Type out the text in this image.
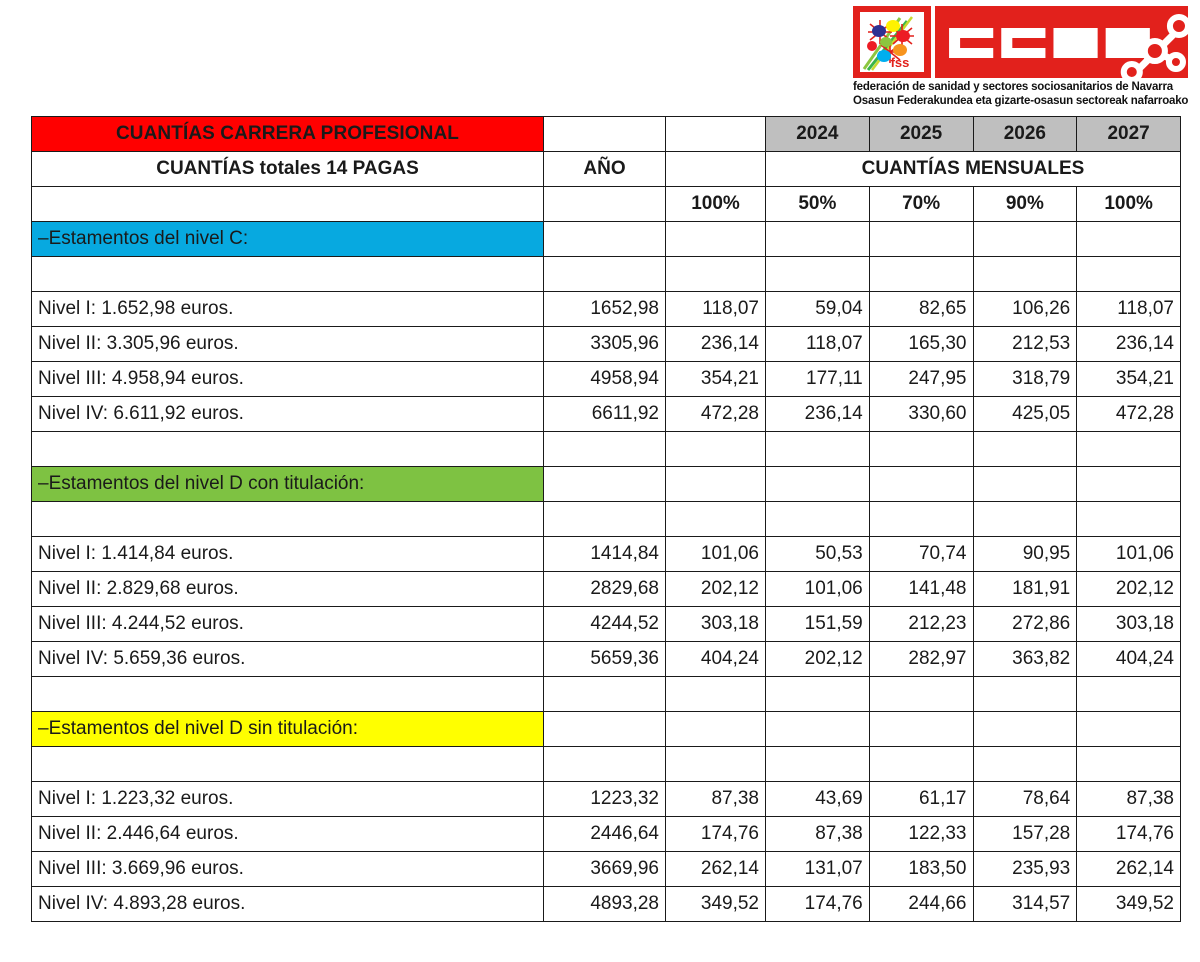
fss
federación de sanidad y sectores sociosanitarios de Navarra
Osasun Federakundea eta gizarte-osasun sectoreak nafarroako
CUANTÍAS CARRERA PROFESIONAL			2024	2025	2026	2027
CUANTÍAS totales 14 PAGAS	AÑO		CUANTÍAS MENSUALES			
		100%	50%	70%	90%	100%
–Estamentos del nivel C:						

Nivel I: 1.652,98 euros.	1652,98	118,07	59,04	82,65	106,26	118,07
Nivel II: 3.305,96 euros.	3305,96	236,14	118,07	165,30	212,53	236,14
Nivel III: 4.958,94 euros.	4958,94	354,21	177,11	247,95	318,79	354,21
Nivel IV: 6.611,92 euros.	6611,92	472,28	236,14	330,60	425,05	472,28

–Estamentos del nivel D con titulación:						

Nivel I: 1.414,84 euros.	1414,84	101,06	50,53	70,74	90,95	101,06
Nivel II: 2.829,68 euros.	2829,68	202,12	101,06	141,48	181,91	202,12
Nivel III: 4.244,52 euros.	4244,52	303,18	151,59	212,23	272,86	303,18
Nivel IV: 5.659,36 euros.	5659,36	404,24	202,12	282,97	363,82	404,24

–Estamentos del nivel D sin titulación:						

Nivel I: 1.223,32 euros.	1223,32	87,38	43,69	61,17	78,64	87,38
Nivel II: 2.446,64 euros.	2446,64	174,76	87,38	122,33	157,28	174,76
Nivel III: 3.669,96 euros.	3669,96	262,14	131,07	183,50	235,93	262,14
Nivel IV: 4.893,28 euros.	4893,28	349,52	174,76	244,66	314,57	349,52
